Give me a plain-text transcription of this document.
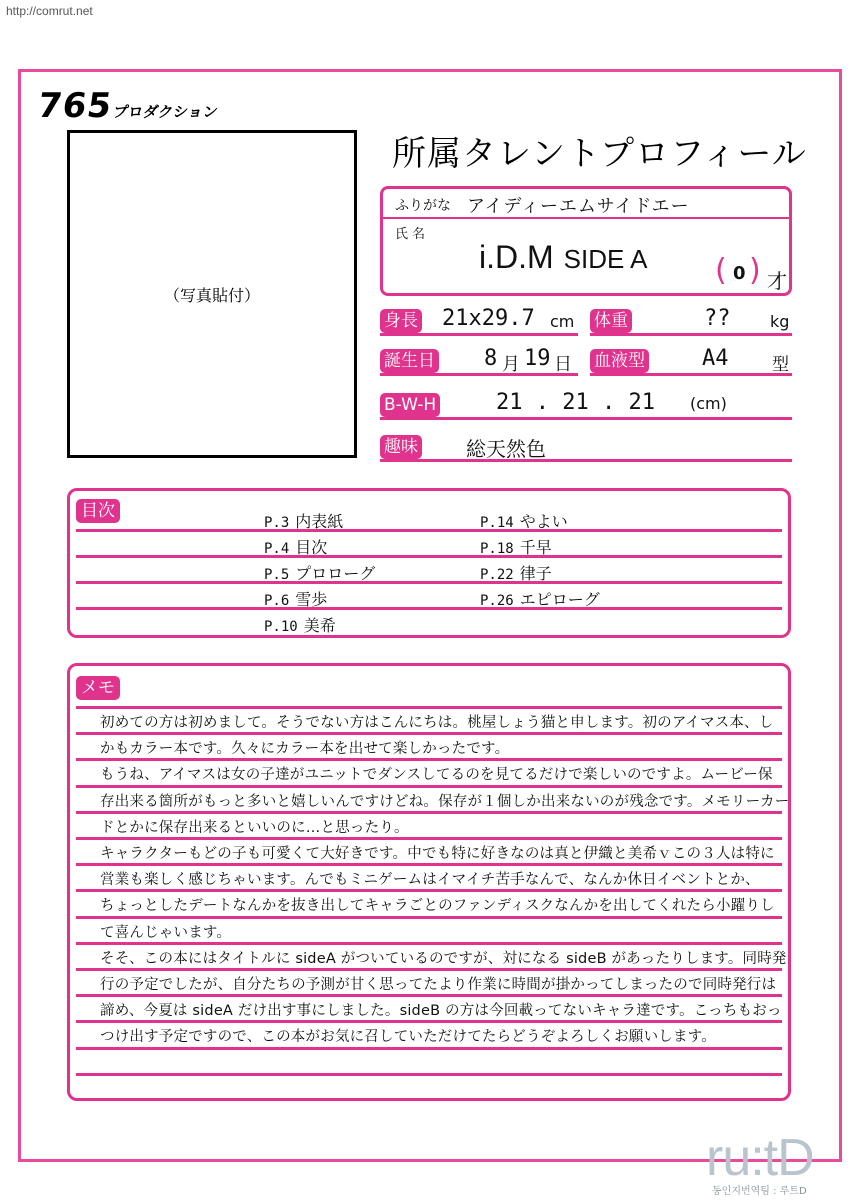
http://comrut.net
765
プロダクション
（写真貼付）
所属タレントプロフィール
ふりがな アイディーエムサイドエー
氏名
i.D.M SIDE A ( 0 ) 才
身長 21x29.7 cm 体重	?? kg
誕生日 8 月 19 日 血液型	A4	型
B-W-H	21 . 21 . 21 (cm)
趣味 総天然色
目次
P.3 内表紙
P.4 目次
P.5 プロローグ
P.6 雪歩
P.10 美希
P.14 やよい
P.18 千早
P.22 律子
P.26 エピローグ
メモ
初めての方は初めまして。そうでない方はこんにちは。桃屋しょう猫と申します。初のアイマス本、し
かもカラー本です。久々にカラー本を出せて楽しかったです。
もうね、アイマスは女の子達がユニットでダンスしてるのを見てるだけで楽しいのですよ。ムービー保
存出来る箇所がもっと多いと嬉しいんですけどね。保存が１個しか出来ないのが残念です。メモリーカー
ドとかに保存出来るといいのに…と思ったり。
キャラクターもどの子も可愛くて大好きです。中でも特に好きなのは真と伊織と美希ｖこの３人は特に
営業も楽しく感じちゃいます。んでもミニゲームはイマイチ苦手なんで、なんか休日イベントとか、
ちょっとしたデートなんかを抜き出してキャラごとのファンディスクなんかを出してくれたら小躍りし
て喜んじゃいます。
そそ、この本にはタイトルに sideA がついているのですが、対になる sideB があったりします。同時発
行の予定でしたが、自分たちの予測が甘く思ってたより作業に時間が掛かってしまったので同時発行は
諦め、今夏は sideA だけ出す事にしました。sideB の方は今回載ってないキャラ達です。こっちもおっ
つけ出す予定ですので、この本がお気に召していただけてたらどうぞよろしくお願いします。
ru:tD
동인지번역팀 : 루트D
